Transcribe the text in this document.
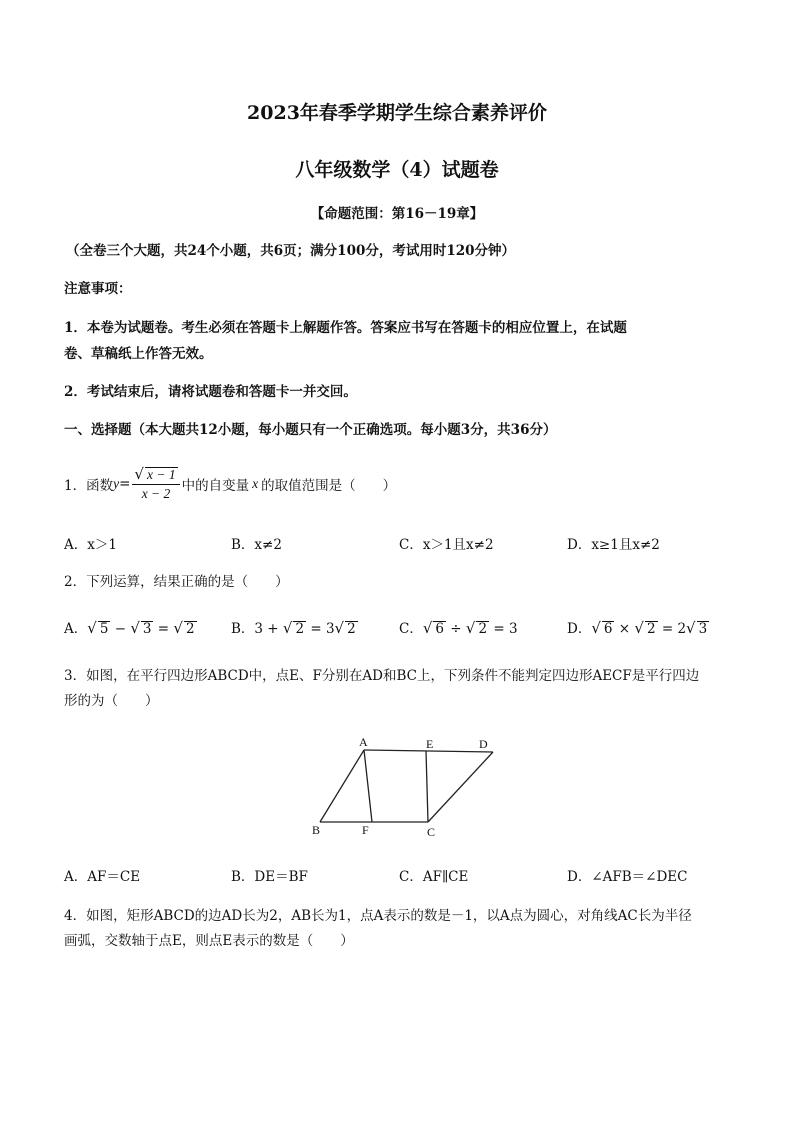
2023年春季学期学生综合素养评价
八年级数学（4）试题卷
【命题范围：第16－19章】
（全卷三个大题，共24个小题，共6页；满分100分，考试用时120分钟）
注意事项：
1．本卷为试题卷。考生必须在答题卡上解题作答。答案应书写在答题卡的相应位置上，在试题
卷、草稿纸上作答无效。
2．考试结束后，请将试题卷和答题卡一并交回。
一、选择题（本大题共12小题，每小题只有一个正确选项。每小题3分，共36分）
1．函数 $y = \frac{√ x - 1}{x - 2}$ 中的自变量 x 的取值范围是（　　）
A．x＞1	B．x≠2	C．x＞1且x≠2	D．x≥1且x≠2
2．下列运算，结果正确的是（　　）
A．√ 5 − √ 3 = √ 2	B．3 + √ 2 = 3√ 2	C．√ 6 ÷ √ 2 = 3	D．√ 6 × √ 2 = 2√ 3
3．如图，在平行四边形ABCD中，点E、F分别在AD和BC上，下列条件不能判定四边形AECF是平行四边
形的为（　　）
A	E	D
B	F	C
A．AF＝CE	B．DE＝BF	C．AF∥CE	D．∠AFB＝∠DEC
4．如图，矩形ABCD的边AD长为2，AB长为1，点A表示的数是－1，以A点为圆心，对角线AC长为半径
画弧，交数轴于点E，则点E表示的数是（　　）
